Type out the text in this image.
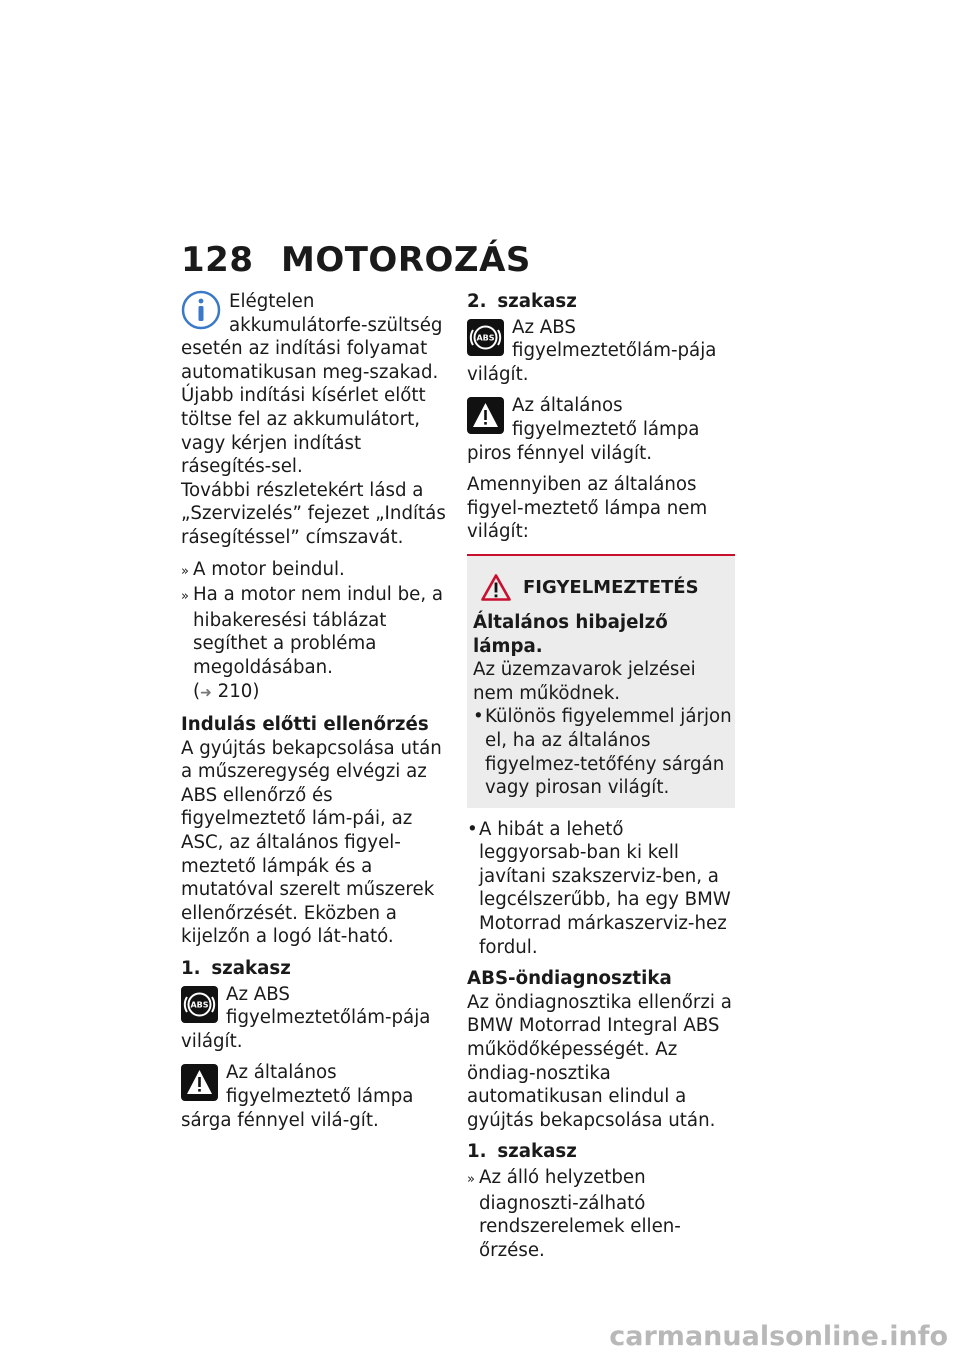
128 MOTOROZÁS
Elégtelen akkumulátorfe-szültség esetén az indítási folyamat automatikusan meg-szakad. Újabb indítási kísérlet előtt töltse fel az akkumulátort, vagy kérjen indítást rásegítés-sel.

További részletekért lásd a „Szervizelés” fejezet „Indítás rásegítéssel” címszavát.

» A motor beindul.
» Ha a motor nem indul be, a hibakeresési táblázat segíthet a probléma megoldásában.
(➜ 210)

Indulás előtti ellenőrzés

A gyújtás bekapcsolása után a műszeregység elvégzi az ABS ellenőrző és figyelmeztető lám-pái, az ASC, az általános figyel-meztető lámpák és a mutatóval szerelt műszerek ellenőrzését. Eközben a kijelzőn a logó lát-ható.

1. szakasz
ABS Az ABS figyelmeztetőlám-pája világít.
Az általános figyelmeztető lámpa sárga fénnyel vilá-gít.
2. szakasz
ABS Az ABS figyelmeztetőlám-pája világít.
Az általános figyelmeztető lámpa piros fénnyel világít.

Amennyiben az általános figyel-meztető lámpa nem világít:

FIGYELMEZTETÉS

Általános hibajelző lámpa.

Az üzemzavarok jelzései nem működnek.

•Különös figyelemmel járjon el, ha az általános figyelmez-tetőfény sárgán vagy pirosan világít.
•A hibát a lehető leggyorsab-ban ki kell javítani szakszerviz-ben, a legcélszerűbb, ha egy BMW Motorrad márkaszerviz-hez fordul.

ABS-öndiagnosztika

Az öndiagnosztika ellenőrzi a BMW Motorrad Integral ABS működőképességét. Az öndiag-nosztika automatikusan elindul a gyújtás bekapcsolása után.

1. szakasz
» Az álló helyzetben diagnoszti-zálható rendszerelemek ellen-őrzése.
carmanualsonline.info
